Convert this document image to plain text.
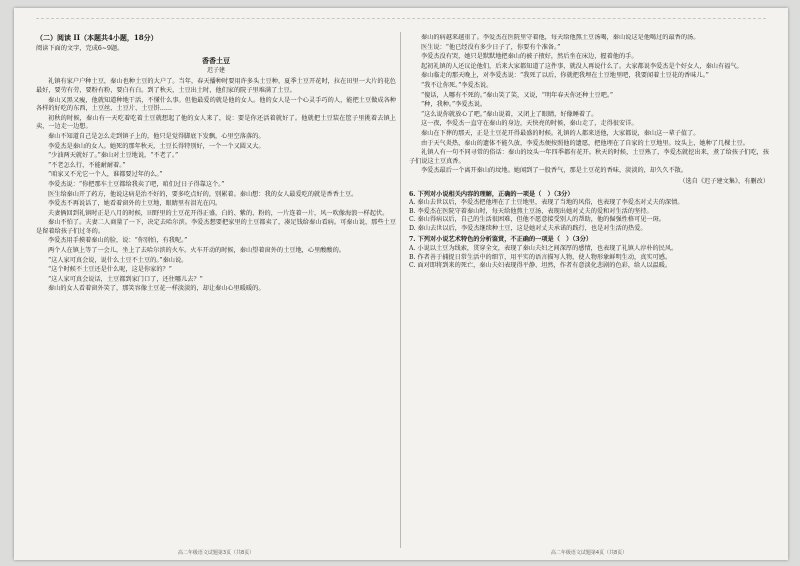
（二）阅读 II（本题共4小题，18分）
阅读下面的文字，完成6~9题。
香香土豆
迟子建

礼镇有家户户种土豆，秦山也种土豆的大户了。当年，春天播种时要用许多头土豆种，夏季土豆开花时，拉在田里一大片的花色最好，要劳有劳，要粉有粉，要白有白。到了秋天，土豆出土时，他们家的院子里堆满了土豆。

秦山又黑又瘦，他就知道种地干活，不懂什么事。但他最爱的就是他的女人。他的女人是一个心灵手巧的人，能把土豆做成各种各样的好吃的东西，土豆丝、土豆片、土豆饼……

初秋的时候，秦山有一天吃着吃着土豆就想起了他的女人来了，说：要是你还活着就好了。他就把土豆装在筐子里挑着去镇上卖，一边走一边想。

秦山不知道自己是怎么走到镇子上的，他只是觉得脚底下发飘，心里空落落的。

李爱杰是秦山的女人。她死的那年秋天，土豆长得特别好，一个一个又圆又大。

“少油两天就好了。”秦山对土豆地说，“不老了。”

“不老怎么行，不能耐耐着。”

“咱家又不光它一个人，谁都要过年的么。”

李爱杰说：“你把那车土豆都给我卖了吧，咱们过日子得靠这个。”

医生给秦山开了药方，他说这病是治不好的，要多吃点好的，别累着。秦山想：我的女人最爱吃的就是香香土豆。

李爱杰不再说话了，她看着窗外的土豆地，眼睛里有泪光在闪。

夫妻俩回到礼镇时正是八月的时候，田野里的土豆花开得正盛，白的、紫的、粉的，一片连着一片，风一吹像海浪一样起伏。

秦山不怕了。夫妻二人商量了一下，决定去哈尔滨。李爱杰想要把家里的土豆都卖了，凑足钱给秦山看病。可秦山说，那些土豆是留着给孩子们过冬的。

李爱杰用手摸着秦山的脸，说：“你别怕，有我呢。”

两个人在镇上等了一会儿，坐上了去哈尔滨的火车。火车开动的时候，秦山望着窗外的土豆地，心里酸酸的。

“这人家可真会说，说什么土豆不土豆的。”秦山说。

“这个时候不土豆还是什么呢，这是你家的？”

“这人家可真会说话，土豆都到家门口了，还往哪儿去？”

秦山的女人看着窗外笑了，那笑容像土豆花一样淡淡的，却让秦山心里暖暖的。

秦山的病越来越重了。李爱杰在医院里守着他，每天给他熬土豆汤喝，秦山说这是他喝过的最香的汤。

医生说：“他已经没有多少日子了，你要有个准备。”

李爱杰没有哭，她只是默默地把秦山的被子掖好，然后坐在床边，握着他的手。

起初礼镇的人还议论他们，后来大家都知道了这件事，就没人再说什么了。大家都说李爱杰是个好女人，秦山有福气。

秦山临走的那天晚上，对李爱杰说：“我死了以后，你就把我埋在土豆地里吧，我要闻着土豆花的香味儿。”

“我不让你死。”李爱杰说。

“傻话，人哪有不死的。”秦山笑了笑，又说，“明年春天你还种土豆吧。”

“种，我种。”李爱杰说。

“这么说你就放心了吧。”秦山说着，又闭上了眼睛，好像睡着了。

这一夜，李爱杰一直守在秦山的身边，天快亮的时候，秦山走了，走得很安详。

秦山在下葬的那天，正是土豆花开得最盛的时候。礼镇的人都来送他，大家都说，秦山这一辈子值了。

由于天气炎热，秦山的遗体不能久放，李爱杰便按照他的遗愿，把他埋在了自家的土豆地里。坟头上，她种了几棵土豆。

礼镇人有一句不同寻常的俗话：秦山的坟头一年四季都有花开。秋天的时候，土豆熟了，李爱杰就挖出来，煮了给孩子们吃，孩子们说这土豆真香。

李爱杰最后一个离开秦山的坟地。她闻到了一股香气，那是土豆花的香味，淡淡的，却久久不散。

（选自《迟子建文集》，有删改）
6. 下列对小说相关内容的理解，正确的一项是（　）（3分）
A. 秦山去世以后，李爱杰把他埋在了土豆地里，表现了当地的风俗，也表现了李爱杰对丈夫的深情。
B. 李爱杰在医院守着秦山时，每天给他熬土豆汤，表现出她对丈夫的爱和对生活的坚持。
C. 秦山得病以后，自己的生活很困难，但他不愿意接受别人的帮助，他的倔强性格可见一斑。
D. 秦山去世以后，李爱杰继续种土豆，这是她对丈夫承诺的践行，也是对生活的热爱。
7. 下列对小说艺术特色的分析鉴赏，不正确的一项是（　）（3分）
A. 小说以土豆为线索，贯穿全文，表现了秦山夫妇之间深厚的感情，也表现了礼镇人淳朴的民风。
B. 作者善于捕捉日常生活中的细节，用平实的语言描写人物，使人物形象鲜明生动，真实可感。
C. 面对即将到来的死亡，秦山夫妇表现得平静、坦然，作者有意淡化悲剧的色彩，给人以温暖。
高二年级语文试题第3页（共8页）	高二年级语文试题第4页（共8页）
